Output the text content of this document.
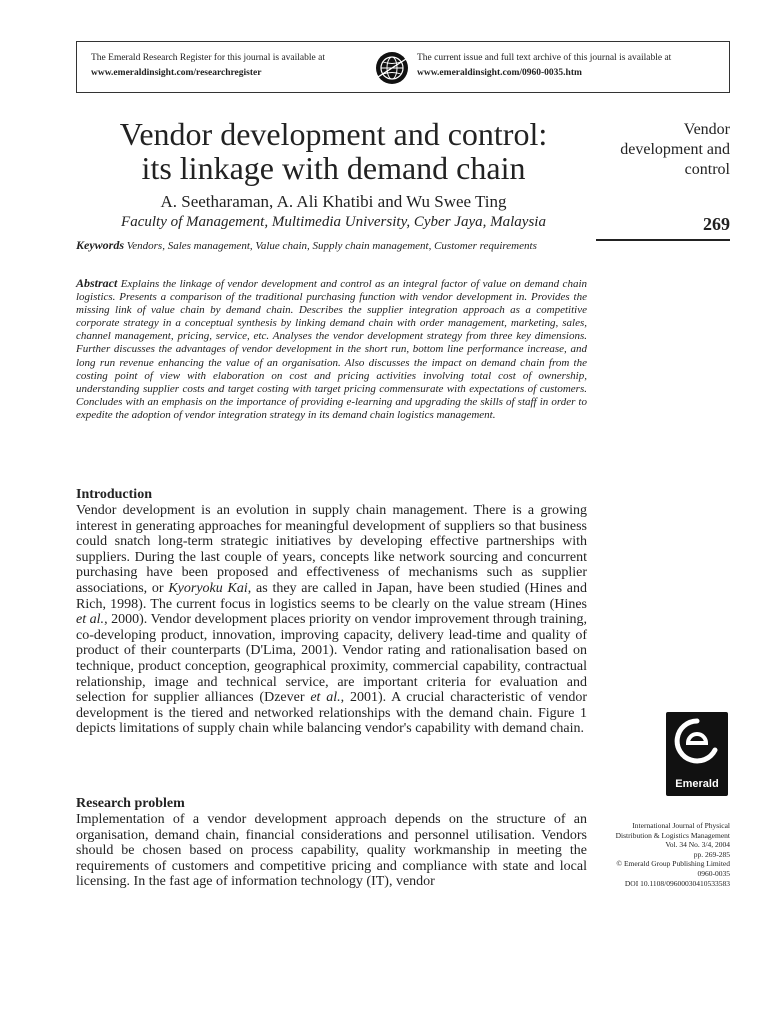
The Emerald Research Register for this journal is available at
www.emeraldinsight.com/researchregister
The current issue and full text archive of this journal is available at
www.emeraldinsight.com/0960-0035.htm
Vendor development and control:
its linkage with demand chain
A. Seetharaman, A. Ali Khatibi and Wu Swee Ting
Faculty of Management, Multimedia University, Cyber Jaya, Malaysia
Vendor
development and
control
269
Keywords Vendors, Sales management, Value chain, Supply chain management, Customer requirements
Abstract Explains the linkage of vendor development and control as an integral factor of value on demand chain logistics. Presents a comparison of the traditional purchasing function with vendor development in. Provides the missing link of value chain by demand chain. Describes the supplier integration approach as a competitive corporate strategy in a conceptual synthesis by linking demand chain with order management, marketing, sales, channel management, pricing, service, etc. Analyses the vendor development strategy from three key dimensions. Further discusses the advantages of vendor development in the short run, bottom line performance increase, and long run revenue enhancing the value of an organisation. Also discusses the impact on demand chain from the costing point of view with elaboration on cost and pricing activities involving total cost of ownership, understanding supplier costs and target costing with target pricing commensurate with expectations of customers. Concludes with an emphasis on the importance of providing e-learning and upgrading the skills of staff in order to expedite the adoption of vendor integration strategy in its demand chain logistics management.
Introduction
Vendor development is an evolution in supply chain management. There is a growing interest in generating approaches for meaningful development of suppliers so that business could snatch long-term strategic initiatives by developing effective partnerships with suppliers. During the last couple of years, concepts like network sourcing and concurrent purchasing have been proposed and effectiveness of mechanisms such as supplier associations, or Kyoryoku Kai, as they are called in Japan, have been studied (Hines and Rich, 1998). The current focus in logistics seems to be clearly on the value stream (Hines et al., 2000). Vendor development places priority on vendor improvement through training, co-developing product, innovation, improving capacity, delivery lead-time and quality of product of their counterparts (D'Lima, 2001). Vendor rating and rationalisation based on technique, product conception, geographical proximity, commercial capability, contractual relationship, image and technical service, are important criteria for evaluation and selection for supplier alliances (Dzever et al., 2001). A crucial characteristic of vendor development is the tiered and networked relationships with the demand chain. Figure 1 depicts limitations of supply chain while balancing vendor's capability with demand chain.
Research problem
Implementation of a vendor development approach depends on the structure of an organisation, demand chain, financial considerations and personnel utilisation. Vendors should be chosen based on process capability, quality workmanship in meeting the requirements of customers and competitive pricing and compliance with state and local licensing. In the fast age of information technology (IT), vendor
Emerald
International Journal of Physical
Distribution & Logistics Management
Vol. 34 No. 3/4, 2004
pp. 269-285
© Emerald Group Publishing Limited
0960-0035
DOI 10.1108/09600030410533583
